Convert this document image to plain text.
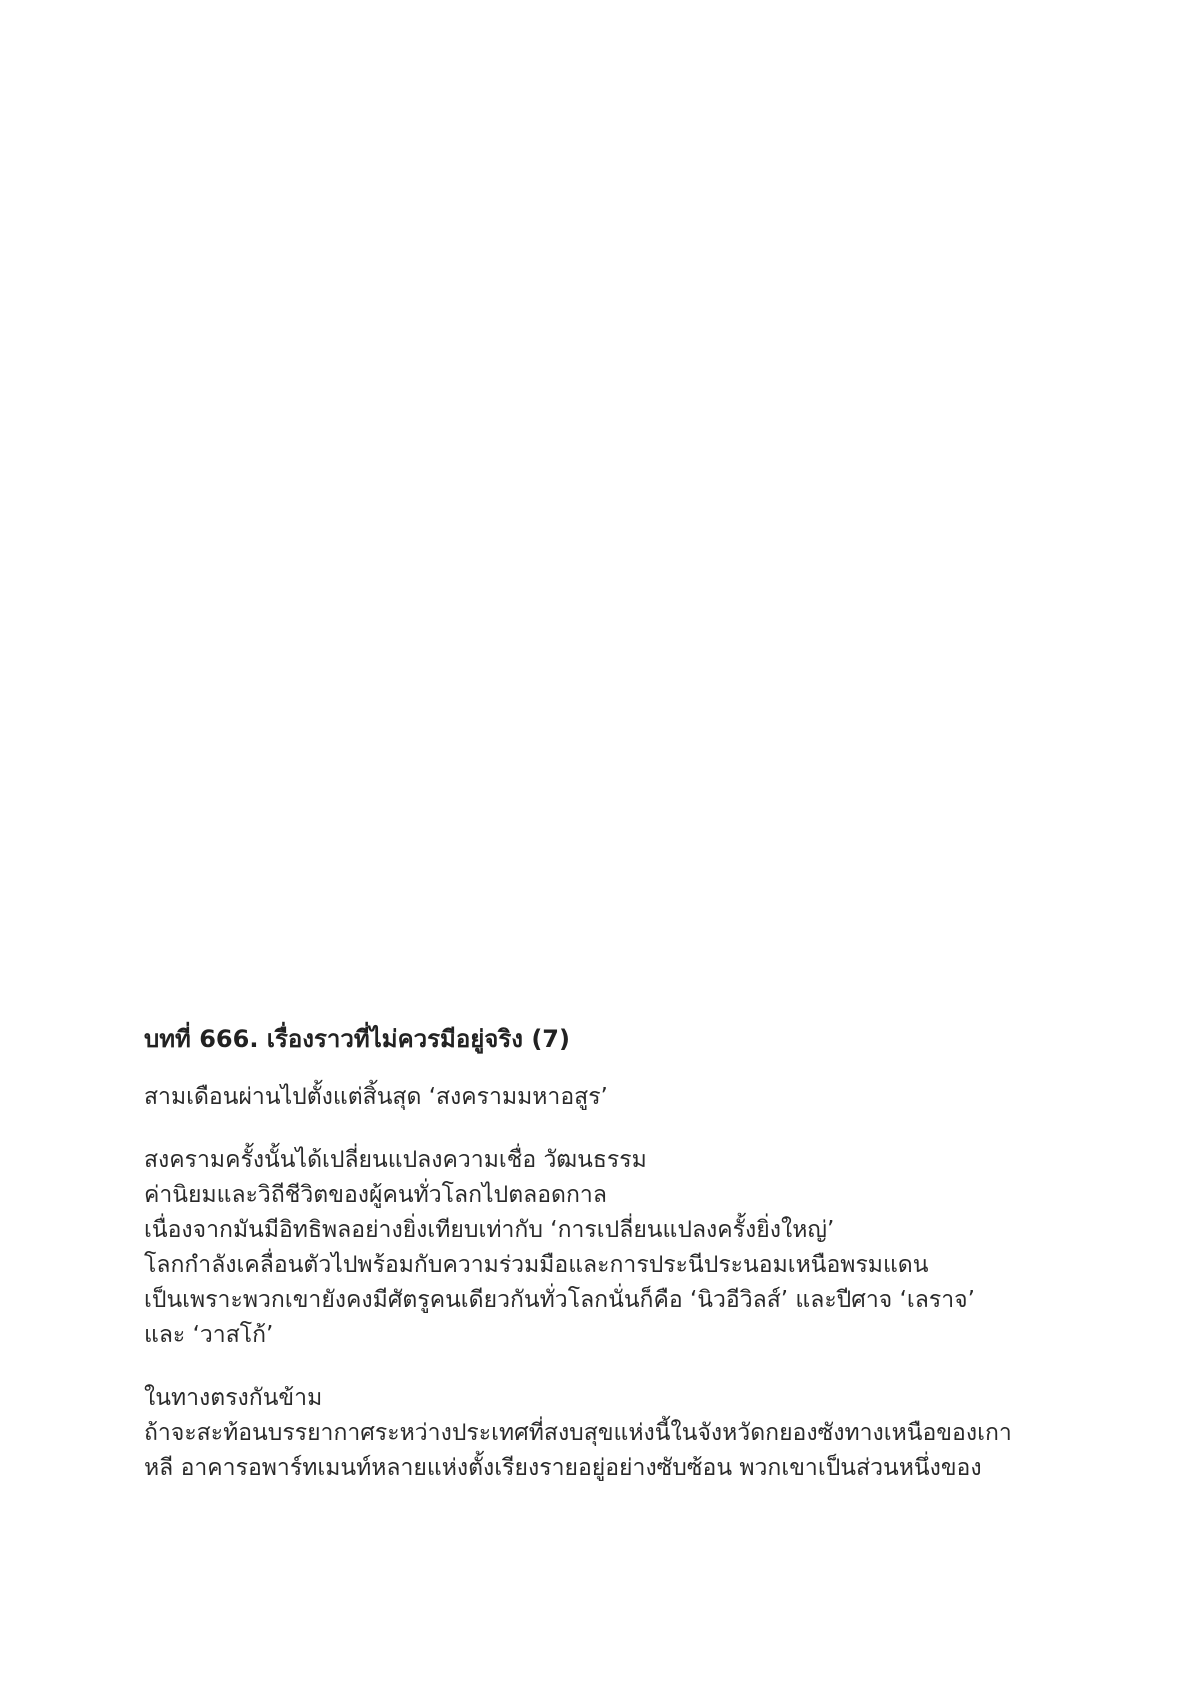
บทที่ 666. เรื่องราวที่ไม่ควรมีอยู่จริง (7)

สามเดือนผ่านไปตั้งแต่สิ้นสุด ‘สงครามมหาอสูร’

สงครามครั้งนั้นได้เปลี่ยนแปลงความเชื่อ วัฒนธรรม
ค่านิยมและวิถีชีวิตของผู้คนทั่วโลกไปตลอดกาล
เนื่องจากมันมีอิทธิพลอย่างยิ่งเทียบเท่ากับ ‘การเปลี่ยนแปลงครั้งยิ่งใหญ่’
โลกกำลังเคลื่อนตัวไปพร้อมกับความร่วมมือและการประนีประนอมเหนือพรมแดน
เป็นเพราะพวกเขายังคงมีศัตรูคนเดียวกันทั่วโลกนั่นก็คือ ‘นิวอีวิลส์’ และปีศาจ ‘เลราจ’
และ ‘วาสโก้’

ในทางตรงกันข้าม
ถ้าจะสะท้อนบรรยากาศระหว่างประเทศที่สงบสุขแห่งนี้ในจังหวัดกยองซังทางเหนือของเกา
หลี อาคารอพาร์ทเมนท์หลายแห่งตั้งเรียงรายอยู่อย่างซับซ้อน พวกเขาเป็นส่วนหนึ่งของ
